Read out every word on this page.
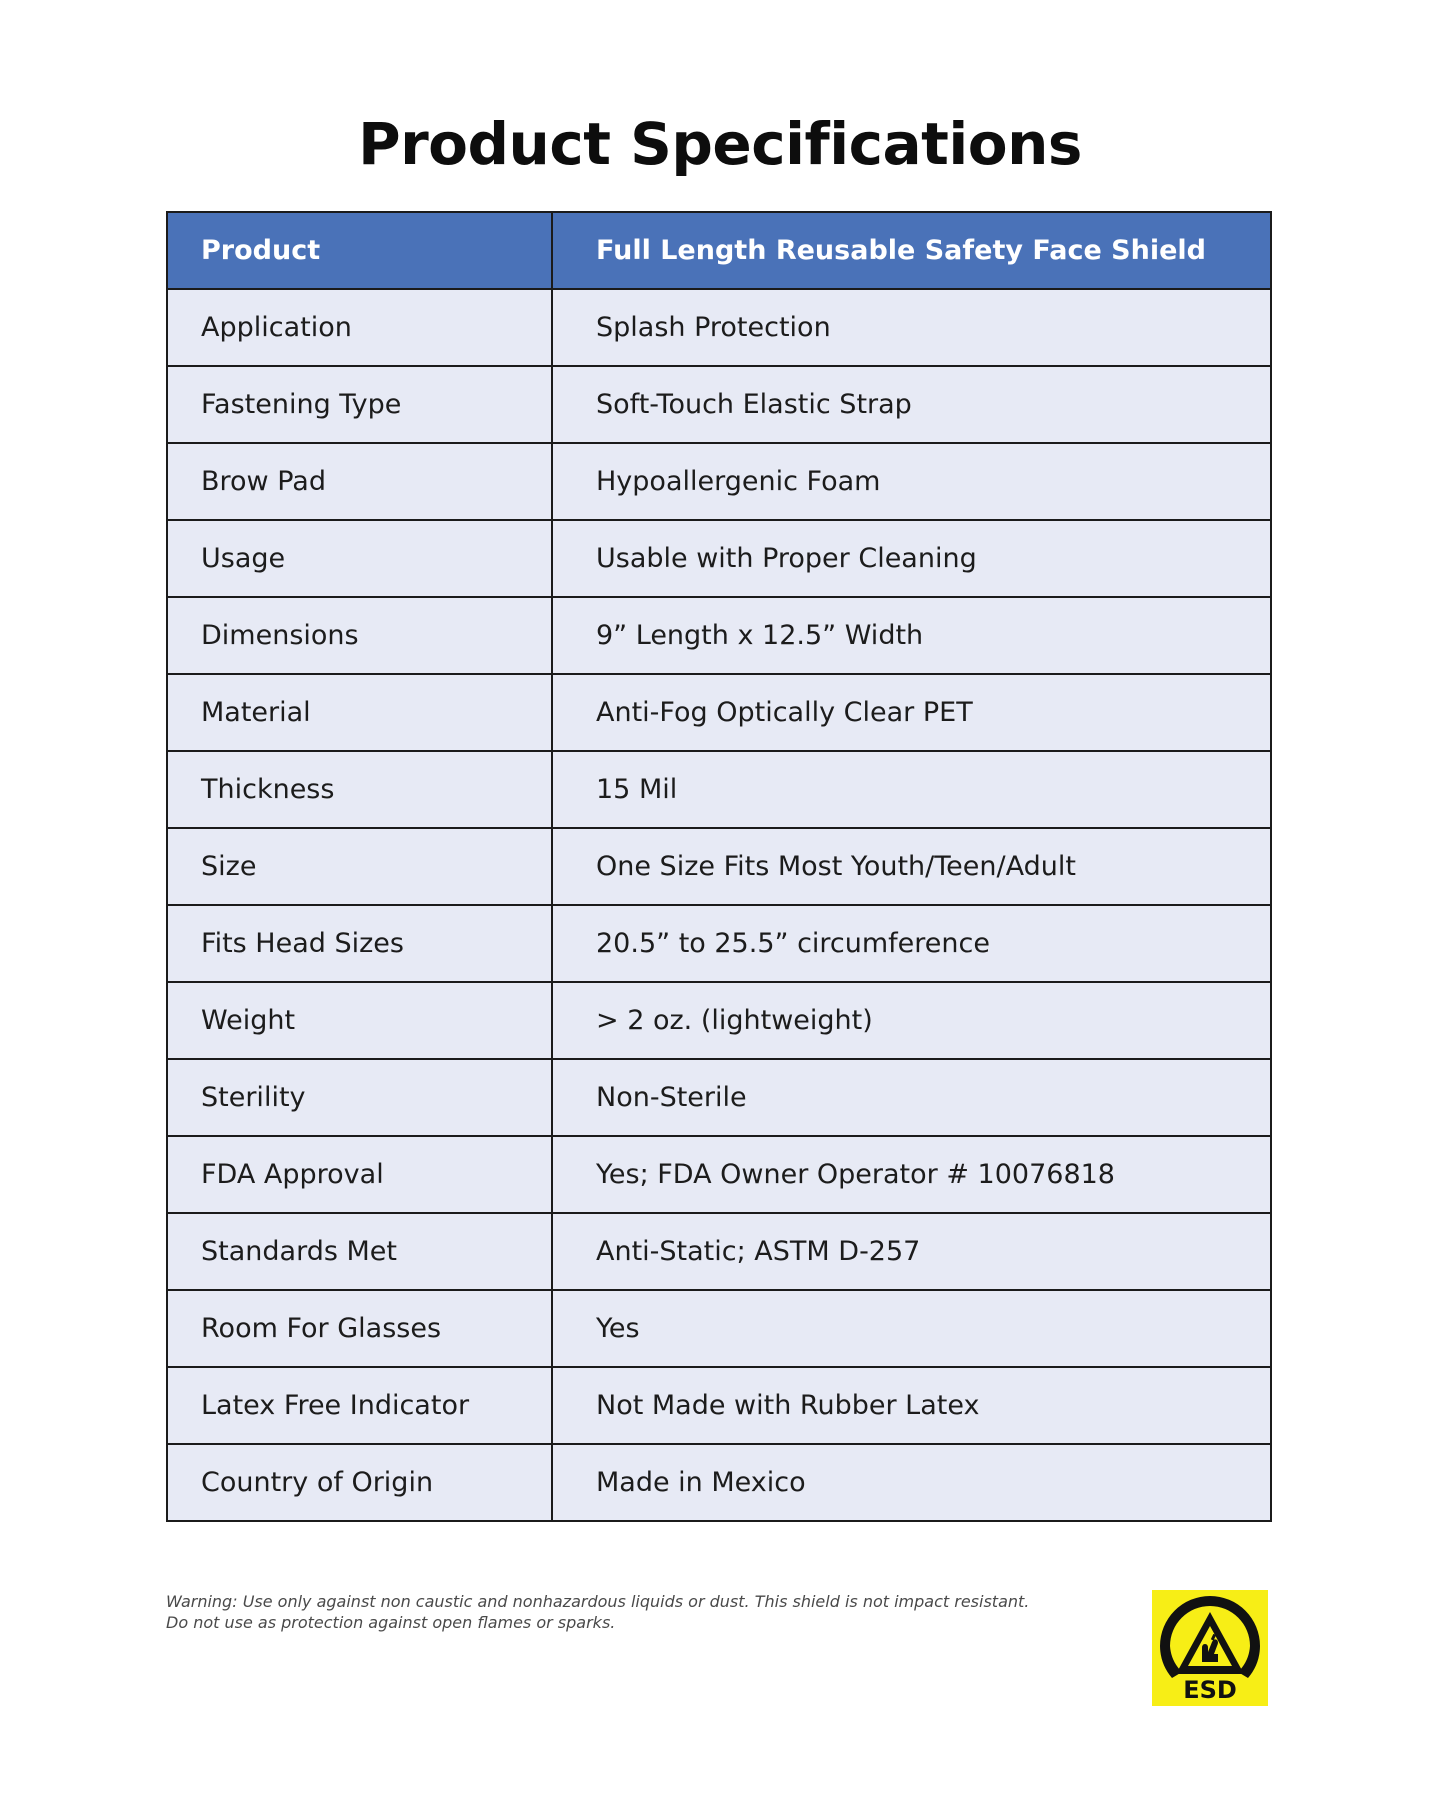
Product Specifications
Product	Full Length Reusable Safety Face Shield
Application	Splash Protection
Fastening Type	Soft-Touch Elastic Strap
Brow Pad	Hypoallergenic Foam
Usage	Usable with Proper Cleaning
Dimensions	9” Length x 12.5” Width
Material	Anti-Fog Optically Clear PET
Thickness	15 Mil
Size	One Size Fits Most Youth/Teen/Adult
Fits Head Sizes	20.5” to 25.5” circumference
Weight	> 2 oz. (lightweight)
Sterility	Non-Sterile
FDA Approval	Yes; FDA Owner Operator # 10076818
Standards Met	Anti-Static; ASTM D-257
Room For Glasses	Yes
Latex Free Indicator	Not Made with Rubber Latex
Country of Origin	Made in Mexico
Warning: Use only against non caustic and nonhazardous liquids or dust. This shield is not impact resistant.
Do not use as protection against open flames or sparks.
ESD
